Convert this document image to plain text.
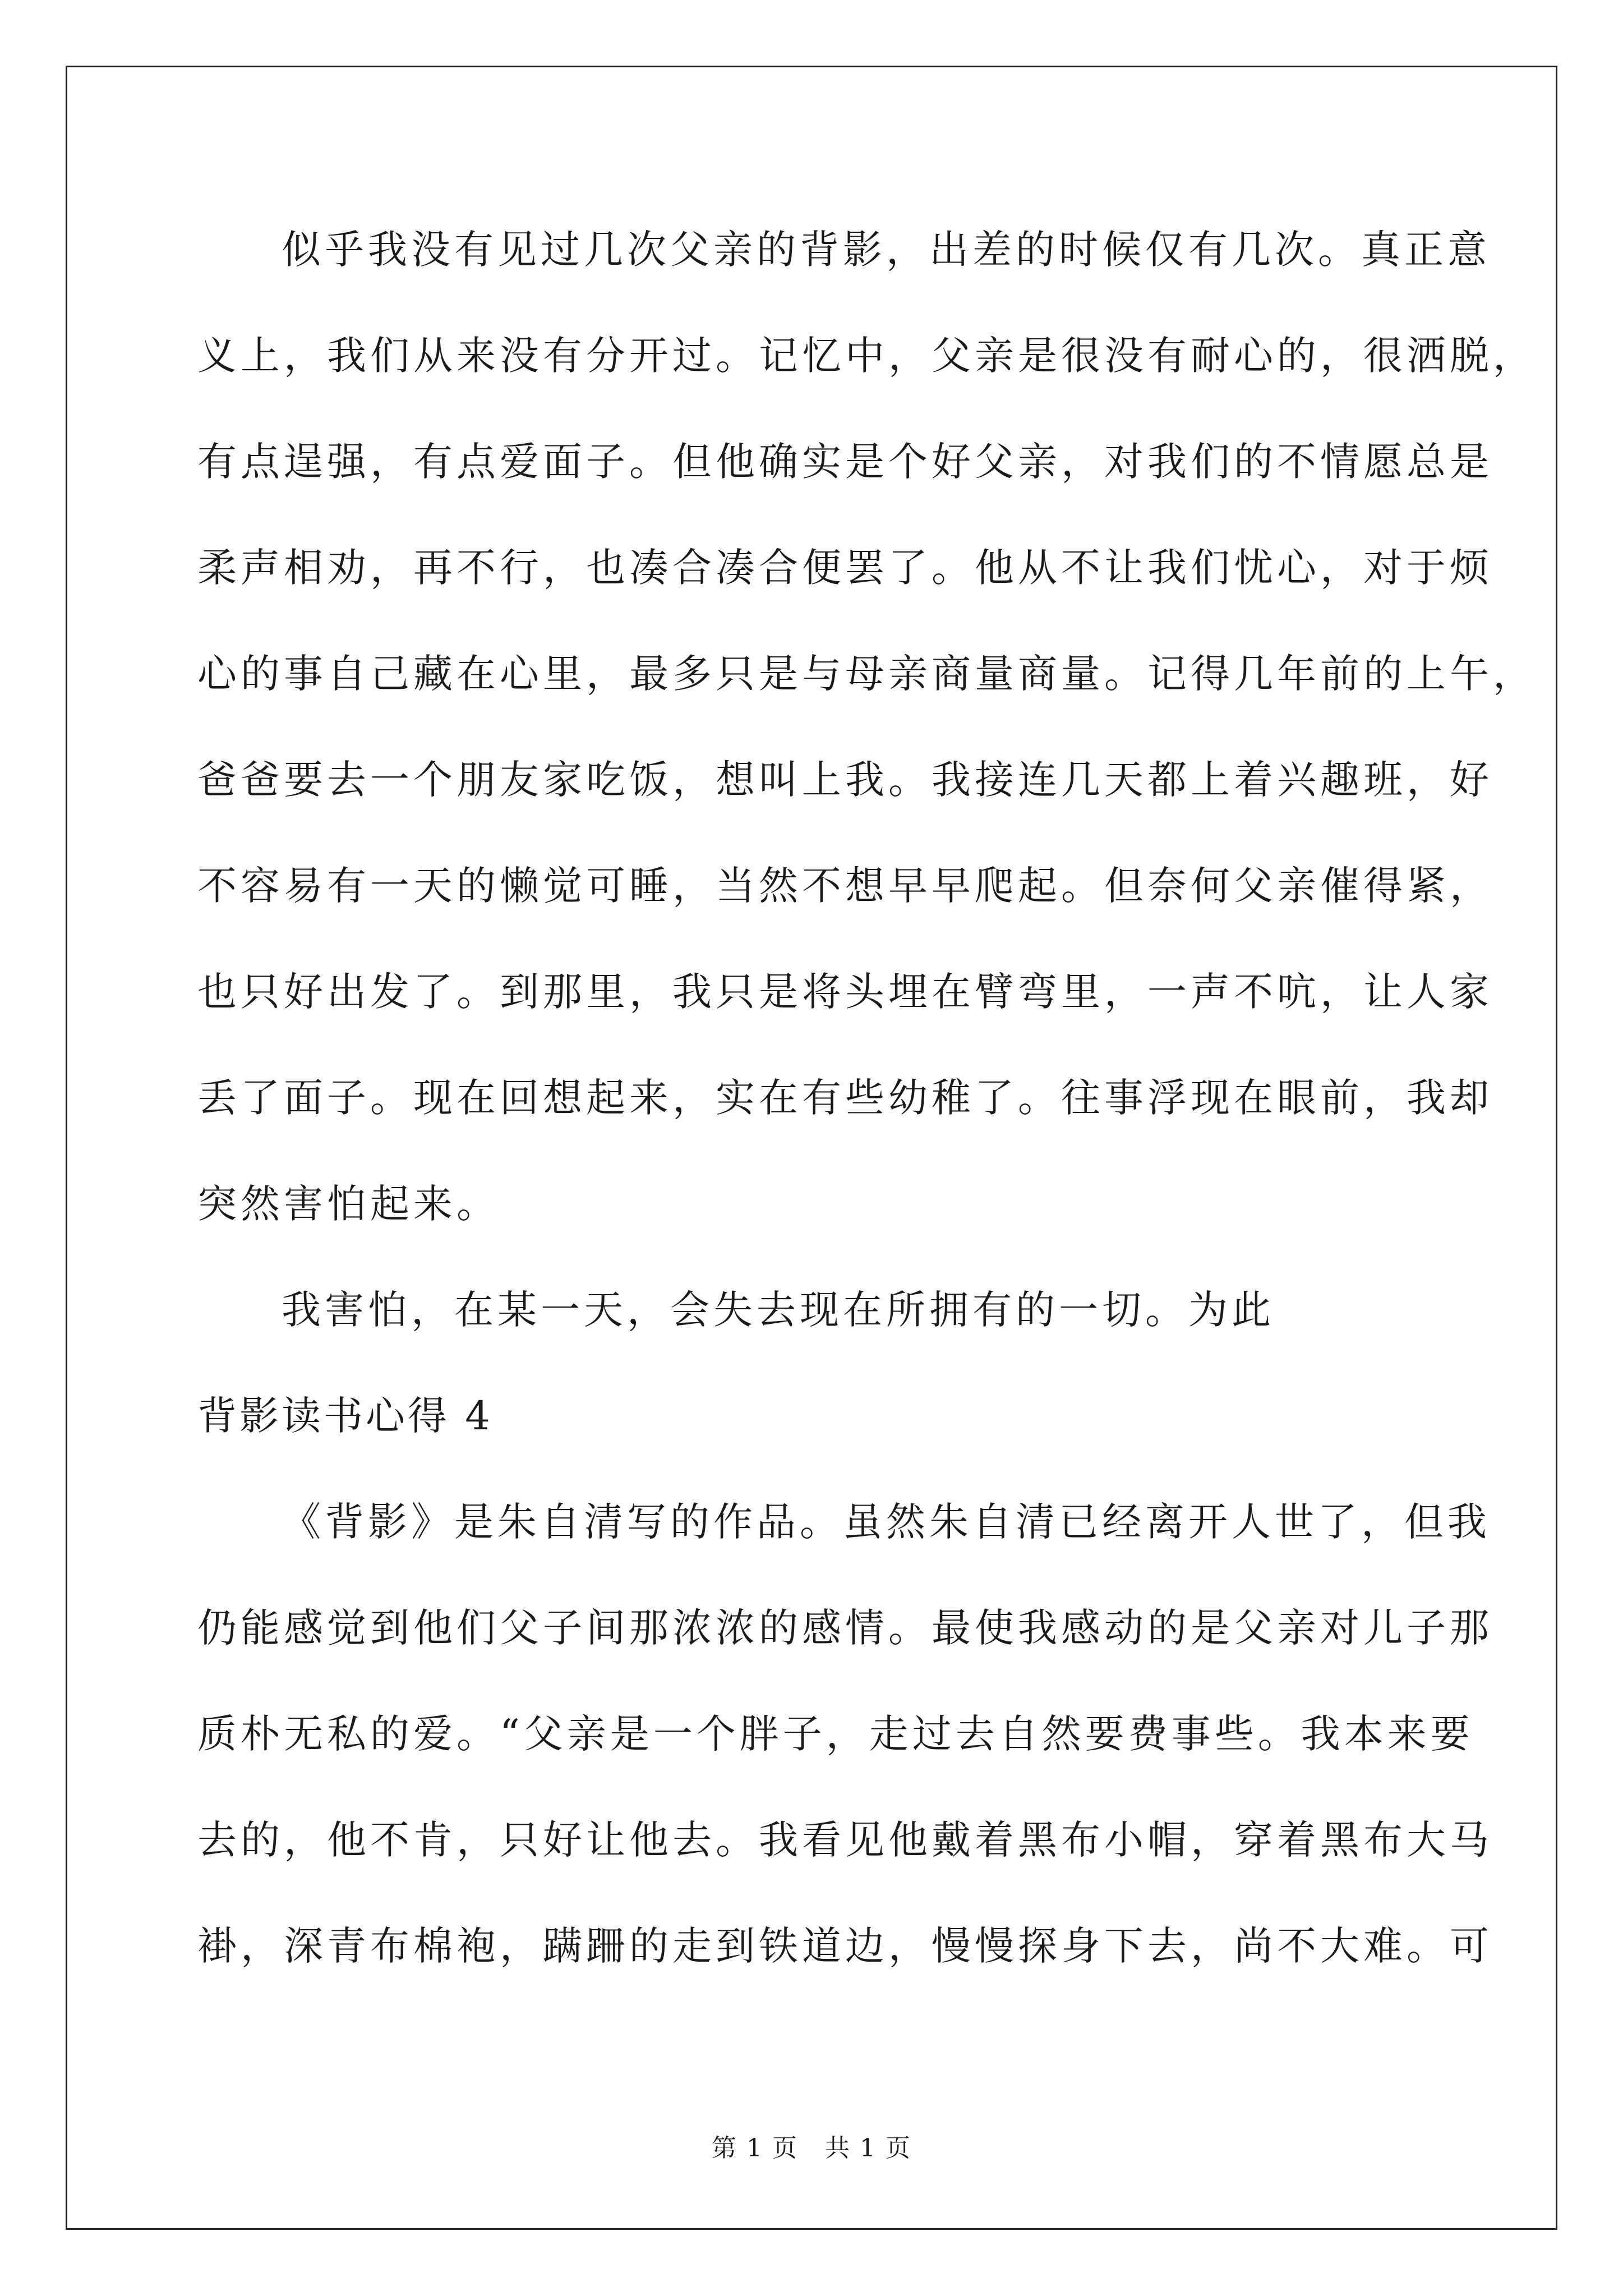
似乎我没有见过几次父亲的背影，出差的时候仅有几次。真正意
义上，我们从来没有分开过。记忆中，父亲是很没有耐心的，很洒脱，
有点逞强，有点爱面子。但他确实是个好父亲，对我们的不情愿总是
柔声相劝，再不行，也凑合凑合便罢了。他从不让我们忧心，对于烦
心的事自己藏在心里，最多只是与母亲商量商量。记得几年前的上午，
爸爸要去一个朋友家吃饭，想叫上我。我接连几天都上着兴趣班，好
不容易有一天的懒觉可睡，当然不想早早爬起。但奈何父亲催得紧，
也只好出发了。到那里，我只是将头埋在臂弯里，一声不吭，让人家
丢了面子。现在回想起来，实在有些幼稚了。往事浮现在眼前，我却
突然害怕起来。
我害怕，在某一天，会失去现在所拥有的一切。为此
背影读书心得 4
《背影》是朱自清写的作品。虽然朱自清已经离开人世了，但我
仍能感觉到他们父子间那浓浓的感情。最使我感动的是父亲对儿子那
质朴无私的爱。“父亲是一个胖子，走过去自然要费事些。我本来要
去的，他不肯，只好让他去。我看见他戴着黑布小帽，穿着黑布大马
褂，深青布棉袍，蹒跚的走到铁道边，慢慢探身下去，尚不大难。可
第 1 页   共 1 页
